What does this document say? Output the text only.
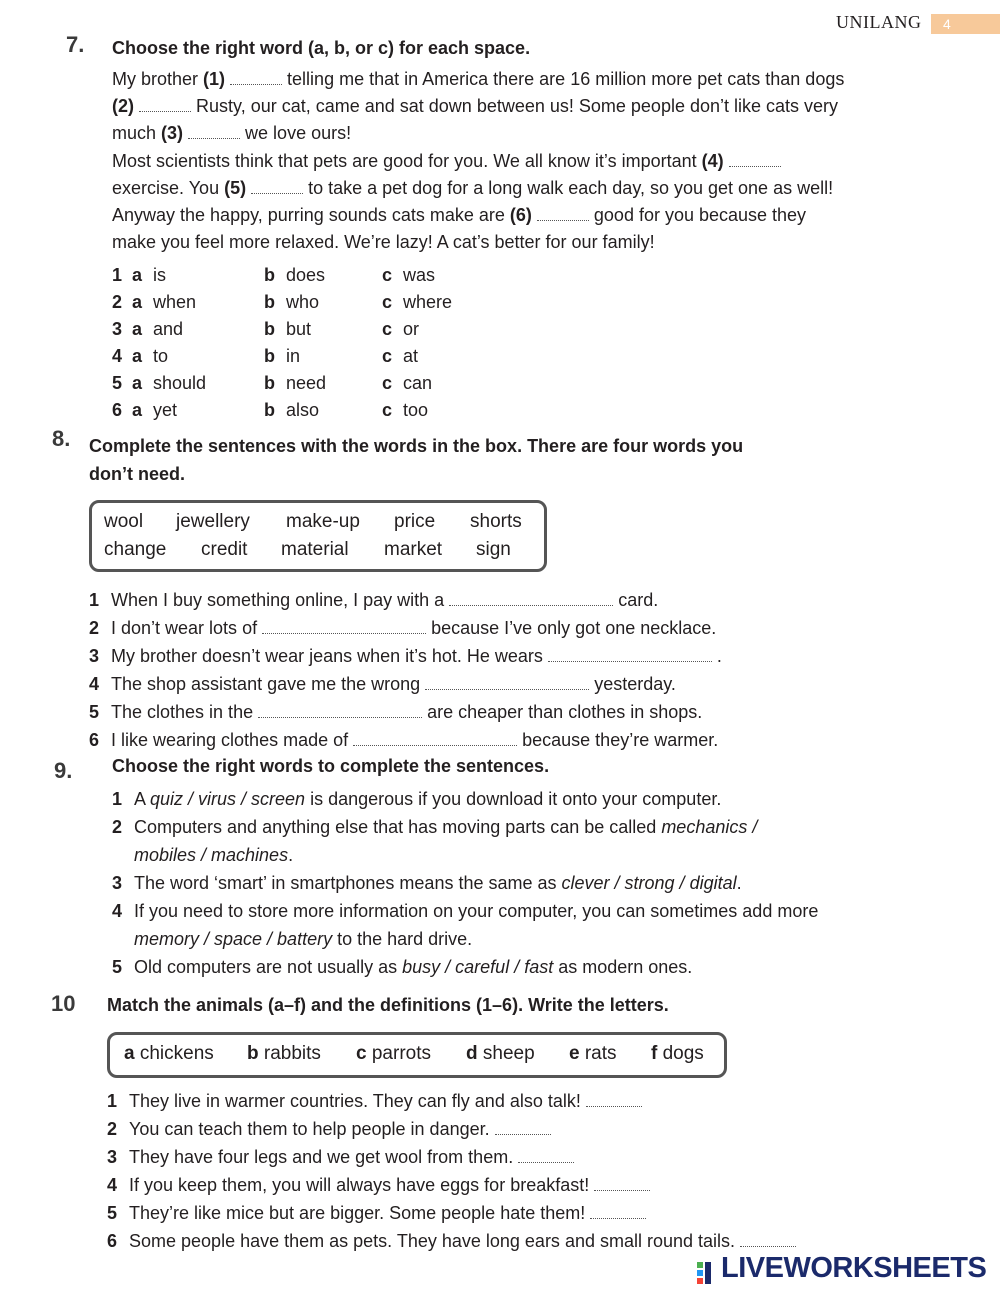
UNILANG	4
7. Choose the right word (a, b, or c) for each space.
My brother (1)	telling me that in America there are 16 million more pet cats than dogs
(2)	Rusty, our cat, came and sat down between us! Some people don’t like cats very
much (3)	we love ours!
Most scientists think that pets are good for you. We all know it’s important (4)
exercise. You (5)	to take a pet dog for a long walk each day, so you get one as well!
Anyway the happy, purring sounds cats make are (6)	good for you because they
make you feel more relaxed. We’re lazy! A cat’s better for our family!
1 a is	b does	c was
2 a when	b who	c where
3 a and	b but	c or
4 a to	b in	c at
5 a should	b need	c can
6 a yet	b also	c too
8. Complete the sentences with the words in the box. There are four words you
don’t need.
wool jewellery make-up price shorts
change credit material market sign
1 When I buy something online, I pay with a	card.
2 I don’t wear lots of	because I’ve only got one necklace.
3 My brother doesn’t wear jeans when it’s hot. He wears	.
4 The shop assistant gave me the wrong	yesterday.
5 The clothes in the	are cheaper than clothes in shops.
6 I like wearing clothes made of	because they’re warmer.
9. Choose the right words to complete the sentences.
1 A quiz / virus / screen is dangerous if you download it onto your computer.
2 Computers and anything else that has moving parts can be called mechanics /
mobiles / machines.
3 The word ‘smart’ in smartphones means the same as clever / strong / digital.
4 If you need to store more information on your computer, you can sometimes add more
memory / space / battery to the hard drive.
5 Old computers are not usually as busy / careful / fast as modern ones.
10 Match the animals (a–f) and the definitions (1–6). Write the letters.
a chickens b rabbits c parrots d sheep e rats f dogs
1 They live in warmer countries. They can fly and also talk!
2 You can teach them to help people in danger.
3 They have four legs and we get wool from them.
4 If you keep them, you will always have eggs for breakfast!
5 They’re like mice but are bigger. Some people hate them!
6 Some people have them as pets. They have long ears and small round tails.
LIVEWORKSHEETS
